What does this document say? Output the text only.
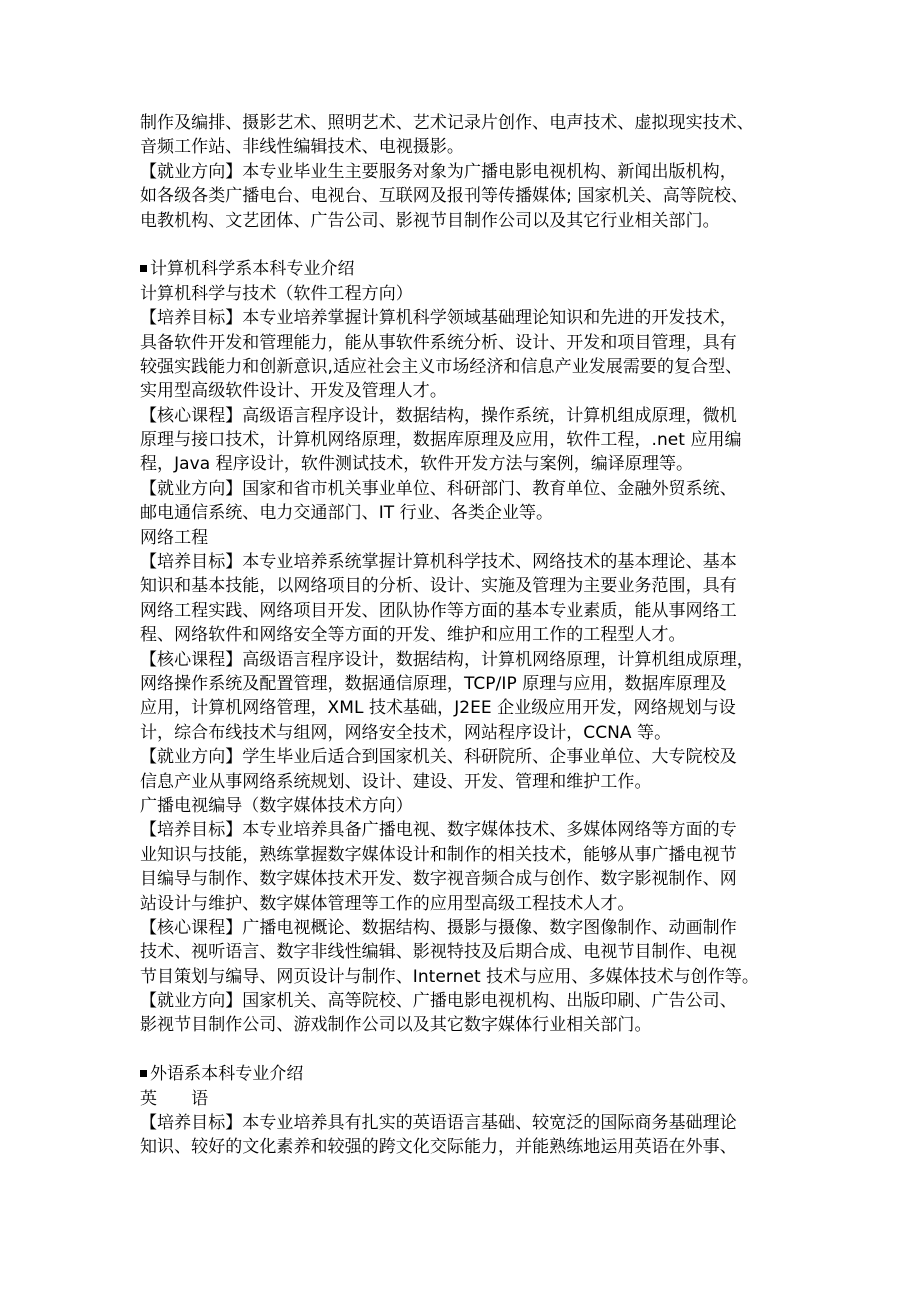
制作及编排、摄影艺术、照明艺术、艺术记录片创作、电声技术、虚拟现实技术、
音频工作站、非线性编辑技术、电视摄影。
【就业方向】本专业毕业生主要服务对象为广播电影电视机构、新闻出版机构，
如各级各类广播电台、电视台、互联网及报刊等传播媒体; 国家机关、高等院校、
电教机构、文艺团体、广告公司、影视节目制作公司以及其它行业相关部门。
计算机科学系本科专业介绍
计算机科学与技术（软件工程方向）
【培养目标】本专业培养掌握计算机科学领域基础理论知识和先进的开发技术，
具备软件开发和管理能力，能从事软件系统分析、设计、开发和项目管理，具有
较强实践能力和创新意识,适应社会主义市场经济和信息产业发展需要的复合型、
实用型高级软件设计、开发及管理人才。
【核心课程】高级语言程序设计，数据结构，操作系统，计算机组成原理，微机
原理与接口技术，计算机网络原理，数据库原理及应用，软件工程，.net 应用编
程，Java 程序设计，软件测试技术，软件开发方法与案例，编译原理等。
【就业方向】国家和省市机关事业单位、科研部门、教育单位、金融外贸系统、
邮电通信系统、电力交通部门、IT 行业、各类企业等。
网络工程
【培养目标】本专业培养系统掌握计算机科学技术、网络技术的基本理论、基本
知识和基本技能，以网络项目的分析、设计、实施及管理为主要业务范围，具有
网络工程实践、网络项目开发、团队协作等方面的基本专业素质，能从事网络工
程、网络软件和网络安全等方面的开发、维护和应用工作的工程型人才。
【核心课程】高级语言程序设计，数据结构，计算机网络原理，计算机组成原理，
网络操作系统及配置管理，数据通信原理，TCP/IP 原理与应用，数据库原理及
应用，计算机网络管理，XML 技术基础，J2EE 企业级应用开发，网络规划与设
计，综合布线技术与组网，网络安全技术，网站程序设计，CCNA 等。
【就业方向】学生毕业后适合到国家机关、科研院所、企事业单位、大专院校及
信息产业从事网络系统规划、设计、建设、开发、管理和维护工作。
广播电视编导（数字媒体技术方向）
【培养目标】本专业培养具备广播电视、数字媒体技术、多媒体网络等方面的专
业知识与技能，熟练掌握数字媒体设计和制作的相关技术，能够从事广播电视节
目编导与制作、数字媒体技术开发、数字视音频合成与创作、数字影视制作、网
站设计与维护、数字媒体管理等工作的应用型高级工程技术人才。
【核心课程】广播电视概论、数据结构、摄影与摄像、数字图像制作、动画制作
技术、视听语言、数字非线性编辑、影视特技及后期合成、电视节目制作、电视
节目策划与编导、网页设计与制作、Internet 技术与应用、多媒体技术与创作等。
【就业方向】国家机关、高等院校、广播电影电视机构、出版印刷、广告公司、
影视节目制作公司、游戏制作公司以及其它数字媒体行业相关部门。
外语系本科专业介绍
英　　语
【培养目标】本专业培养具有扎实的英语语言基础、较宽泛的国际商务基础理论
知识、较好的文化素养和较强的跨文化交际能力，并能熟练地运用英语在外事、
